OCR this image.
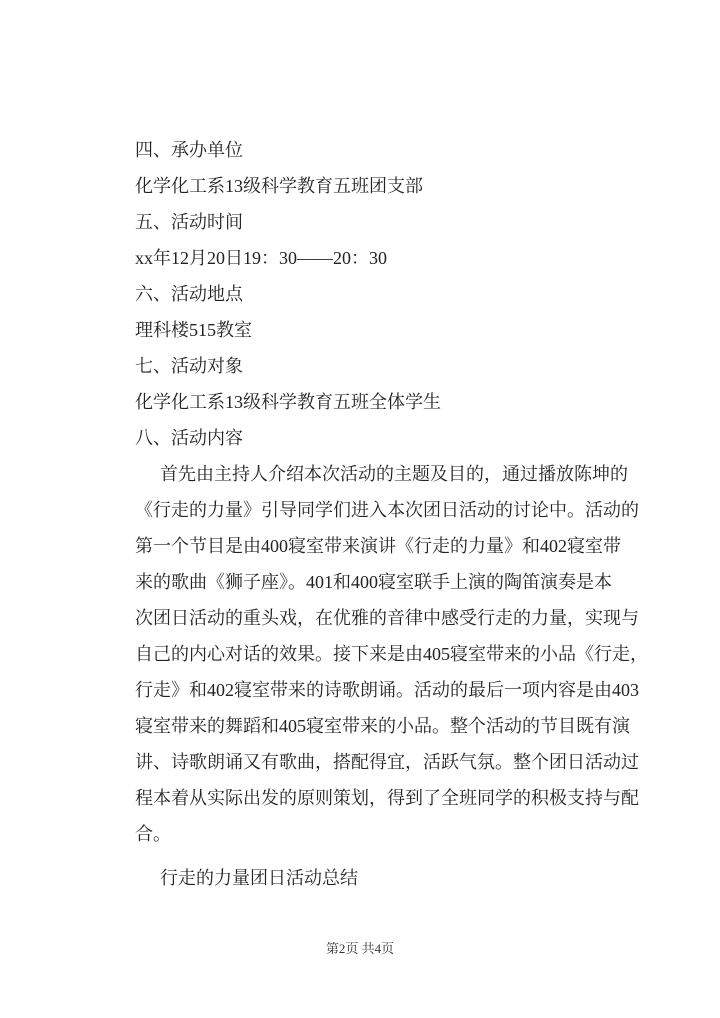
四、承办单位
化学化工系13级科学教育五班团支部
五、活动时间
xx年12月20日19：30——20：30
六、活动地点
理科楼515教室
七、活动对象
化学化工系13级科学教育五班全体学生
八、活动内容
首先由主持人介绍本次活动的主题及目的，通过播放陈坤的
《行走的力量》引导同学们进入本次团日活动的讨论中。活动的
第一个节目是由400寝室带来演讲《行走的力量》和402寝室带
来的歌曲《狮子座》。401和400寝室联手上演的陶笛演奏是本
次团日活动的重头戏，在优雅的音律中感受行走的力量，实现与
自己的内心对话的效果。接下来是由405寝室带来的小品《行走，
行走》和402寝室带来的诗歌朗诵。活动的最后一项内容是由403
寝室带来的舞蹈和405寝室带来的小品。整个活动的节目既有演
讲、诗歌朗诵又有歌曲，搭配得宜，活跃气氛。整个团日活动过
程本着从实际出发的原则策划，得到了全班同学的积极支持与配
合。
行走的力量团日活动总结
第2页 共4页
